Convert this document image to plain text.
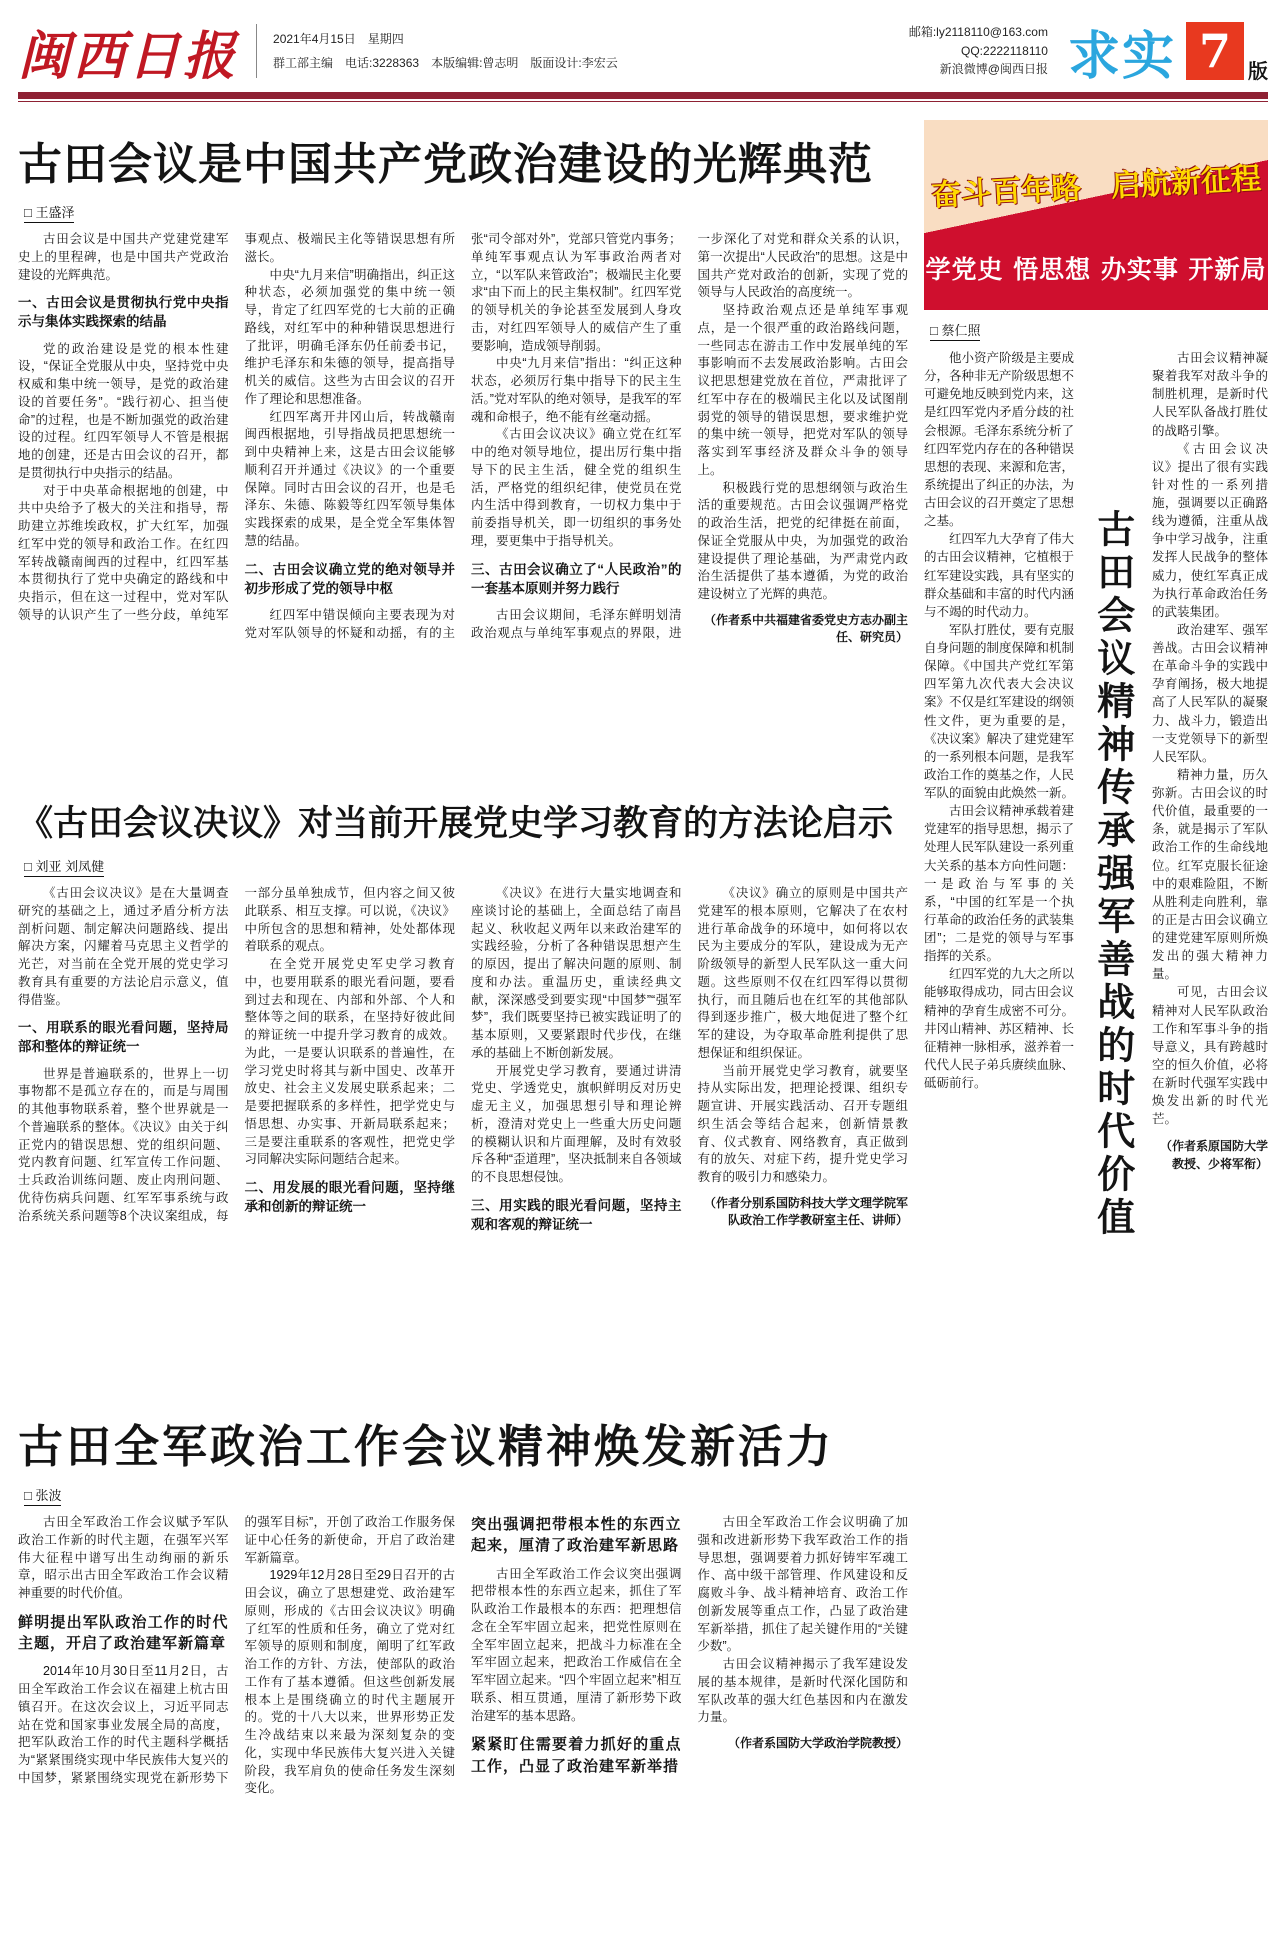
闽西日报	2021年4月15日　星期四
群工部主编　电话:3228363　本版编辑:曾志明　版面设计:李宏云
邮箱:ly2118110@163.com
QQ:2222118110
新浪微博@闽西日报 求实 7 版
古田会议是中国共产党政治建设的光辉典范
□ 王盛泽

古田会议是中国共产党建党建军史上的里程碑，也是中国共产党政治建设的光辉典范。

一、古田会议是贯彻执行党中央指示与集体实践探索的结晶

党的政治建设是党的根本性建设，“保证全党服从中央，坚持党中央权威和集中统一领导，是党的政治建设的首要任务”。“践行初心、担当使命”的过程，也是不断加强党的政治建设的过程。红四军领导人不管是根据地的创建，还是古田会议的召开，都是贯彻执行中央指示的结晶。

对于中央革命根据地的创建，中共中央给予了极大的关注和指导，帮助建立苏维埃政权，扩大红军，加强红军中党的领导和政治工作。在红四军转战赣南闽西的过程中，红四军基本贯彻执行了党中央确定的路线和中央指示，但在这一过程中，党对军队领导的认识产生了一些分歧，单纯军事观点、极端民主化等错误思想有所滋长。

中央“九月来信”明确指出，纠正这种状态，必须加强党的集中统一领导，肯定了红四军党的七大前的正确路线，对红军中的种种错误思想进行了批评，明确毛泽东仍任前委书记，维护毛泽东和朱德的领导，提高指导机关的威信。这些为古田会议的召开作了理论和思想准备。

红四军离开井冈山后，转战赣南闽西根据地，引导指战员把思想统一到中央精神上来，这是古田会议能够顺利召开并通过《决议》的一个重要保障。同时古田会议的召开，也是毛泽东、朱德、陈毅等红四军领导集体实践探索的成果，是全党全军集体智慧的结晶。

二、古田会议确立党的绝对领导并初步形成了党的领导中枢

红四军中错误倾向主要表现为对党对军队领导的怀疑和动摇，有的主张“司令部对外”，党部只管党内事务；单纯军事观点认为军事政治两者对立，“以军队来管政治”；极端民主化要求“由下而上的民主集权制”。红四军党的领导机关的争论甚至发展到人身攻击，对红四军领导人的威信产生了重要影响，造成领导削弱。

中央“九月来信”指出：“纠正这种状态，必须厉行集中指导下的民主生活。”党对军队的绝对领导，是我军的军魂和命根子，绝不能有丝毫动摇。

《古田会议决议》确立党在红军中的绝对领导地位，提出厉行集中指导下的民主生活，健全党的组织生活，严格党的组织纪律，使党员在党内生活中得到教育，一切权力集中于前委指导机关，即一切组织的事务处理，要更集中于指导机关。

三、古田会议确立了“人民政治”的一套基本原则并努力践行

古田会议期间，毛泽东鲜明划清政治观点与单纯军事观点的界限，进一步深化了对党和群众关系的认识，第一次提出“人民政治”的思想。这是中国共产党对政治的创新，实现了党的领导与人民政治的高度统一。

坚持政治观点还是单纯军事观点，是一个很严重的政治路线问题，一些同志在游击工作中发展单纯的军事影响而不去发展政治影响。古田会议把思想建党放在首位，严肃批评了红军中存在的极端民主化以及试图削弱党的领导的错误思想，要求维护党的集中统一领导，把党对军队的领导落实到军事经济及群众斗争的领导上。

积极践行党的思想纲领与政治生活的重要规范。古田会议强调严格党的政治生活，把党的纪律挺在前面，保证全党服从中央，为加强党的政治建设提供了理论基础，为严肃党内政治生活提供了基本遵循，为党的政治建设树立了光辉的典范。

（作者系中共福建省委党史方志办副主任、研究员）

《古田会议决议》对当前开展党史学习教育的方法论启示
□ 刘亚 刘凤健

《古田会议决议》是在大量调查研究的基础之上，通过矛盾分析方法剖析问题、制定解决问题路线、提出解决方案，闪耀着马克思主义哲学的光芒，对当前在全党开展的党史学习教育具有重要的方法论启示意义，值得借鉴。

一、用联系的眼光看问题，坚持局部和整体的辩证统一

世界是普遍联系的，世界上一切事物都不是孤立存在的，而是与周围的其他事物联系着，整个世界就是一个普遍联系的整体。《决议》由关于纠正党内的错误思想、党的组织问题、党内教育问题、红军宣传工作问题、士兵政治训练问题、废止肉刑问题、优待伤病兵问题、红军军事系统与政治系统关系问题等8个决议案组成，每一部分虽单独成节，但内容之间又彼此联系、相互支撑。可以说，《决议》中所包含的思想和精神，处处都体现着联系的观点。

在全党开展党史军史学习教育中，也要用联系的眼光看问题，要看到过去和现在、内部和外部、个人和整体等之间的联系，在坚持好彼此间的辩证统一中提升学习教育的成效。为此，一是要认识联系的普遍性，在学习党史时将其与新中国史、改革开放史、社会主义发展史联系起来；二是要把握联系的多样性，把学党史与悟思想、办实事、开新局联系起来；三是要注重联系的客观性，把党史学习同解决实际问题结合起来。

二、用发展的眼光看问题，坚持继承和创新的辩证统一

《决议》在进行大量实地调查和座谈讨论的基础上，全面总结了南昌起义、秋收起义两年以来政治建军的实践经验，分析了各种错误思想产生的原因，提出了解决问题的原则、制度和办法。重温历史，重读经典文献，深深感受到要实现“中国梦”“强军梦”，我们既要坚持已被实践证明了的基本原则，又要紧跟时代步伐，在继承的基础上不断创新发展。

开展党史学习教育，要通过讲清党史、学透党史，旗帜鲜明反对历史虚无主义，加强思想引导和理论辨析，澄清对党史上一些重大历史问题的模糊认识和片面理解，及时有效驳斥各种“歪道理”，坚决抵制来自各领域的不良思想侵蚀。

三、用实践的眼光看问题，坚持主观和客观的辩证统一

《决议》确立的原则是中国共产党建军的根本原则，它解决了在农村进行革命战争的环境中，如何将以农民为主要成分的军队，建设成为无产阶级领导的新型人民军队这一重大问题。这些原则不仅在红四军得以贯彻执行，而且随后也在红军的其他部队得到逐步推广，极大地促进了整个红军的建设，为夺取革命胜利提供了思想保证和组织保证。

当前开展党史学习教育，就要坚持从实际出发，把理论授课、组织专题宣讲、开展实践活动、召开专题组织生活会等结合起来，创新情景教育、仪式教育、网络教育，真正做到有的放矢、对症下药，提升党史学习教育的吸引力和感染力。

（作者分别系国防科技大学文理学院军队政治工作学教研室主任、讲师）

古田全军政治工作会议精神焕发新活力
□ 张波

古田全军政治工作会议赋予军队政治工作新的时代主题，在强军兴军伟大征程中谱写出生动绚丽的新乐章，昭示出古田全军政治工作会议精神重要的时代价值。

鲜明提出军队政治工作的时代主题，开启了政治建军新篇章

2014年10月30日至11月2日，古田全军政治工作会议在福建上杭古田镇召开。在这次会议上，习近平同志站在党和国家事业发展全局的高度，把军队政治工作的时代主题科学概括为“紧紧围绕实现中华民族伟大复兴的中国梦，紧紧围绕实现党在新形势下的强军目标”，开创了政治工作服务保证中心任务的新使命，开启了政治建军新篇章。

1929年12月28日至29日召开的古田会议，确立了思想建党、政治建军原则，形成的《古田会议决议》明确了红军的性质和任务，确立了党对红军领导的原则和制度，阐明了红军政治工作的方针、方法，使部队的政治工作有了基本遵循。但这些创新发展根本上是围绕确立的时代主题展开的。党的十八大以来，世界形势正发生冷战结束以来最为深刻复杂的变化，实现中华民族伟大复兴进入关键阶段，我军肩负的使命任务发生深刻变化。

突出强调把带根本性的东西立起来，厘清了政治建军新思路

古田全军政治工作会议突出强调把带根本性的东西立起来，抓住了军队政治工作最根本的东西：把理想信念在全军牢固立起来，把党性原则在全军牢固立起来，把战斗力标准在全军牢固立起来，把政治工作威信在全军牢固立起来。“四个牢固立起来”相互联系、相互贯通，厘清了新形势下政治建军的基本思路。

紧紧盯住需要着力抓好的重点工作，凸显了政治建军新举措

古田全军政治工作会议明确了加强和改进新形势下我军政治工作的指导思想，强调要着力抓好铸牢军魂工作、高中级干部管理、作风建设和反腐败斗争、战斗精神培育、政治工作创新发展等重点工作，凸显了政治建军新举措，抓住了起关键作用的“关键少数”。

古田会议精神揭示了我军建设发展的基本规律，是新时代深化国防和军队改革的强大红色基因和内在激发力量。

（作者系国防大学政治学院教授）

奋斗百年路　启航新征程
学党史 悟思想 办实事 开新局
□ 蔡仁照

他小资产阶级是主要成分，各种非无产阶级思想不可避免地反映到党内来，这是红四军党内矛盾分歧的社会根源。毛泽东系统分析了红四军党内存在的各种错误思想的表现、来源和危害，系统提出了纠正的办法，为古田会议的召开奠定了思想之基。

红四军九大孕育了伟大的古田会议精神，它植根于红军建设实践，具有坚实的群众基础和丰富的时代内涵与不竭的时代动力。

军队打胜仗，要有克服自身问题的制度保障和机制保障。《中国共产党红军第四军第九次代表大会决议案》不仅是红军建设的纲领性文件，更为重要的是，《决议案》解决了建党建军的一系列根本问题，是我军政治工作的奠基之作，人民军队的面貌由此焕然一新。

古田会议精神承载着建党建军的指导思想，揭示了处理人民军队建设一系列重大关系的基本方向性问题：一是政治与军事的关系，“中国的红军是一个执行革命的政治任务的武装集团”；二是党的领导与军事指挥的关系。

红四军党的九大之所以能够取得成功，同古田会议精神的孕育生成密不可分。井冈山精神、苏区精神、长征精神一脉相承，滋养着一代代人民子弟兵赓续血脉、砥砺前行。	古田会议精神传承强军善战的时代价值

古田会议精神凝聚着我军对敌斗争的制胜机理，是新时代人民军队备战打胜仗的战略引擎。

《古田会议决议》提出了很有实践针对性的一系列措施，强调要以正确路线为遵循，注重从战争中学习战争，注重发挥人民战争的整体威力，使红军真正成为执行革命政治任务的武装集团。

政治建军、强军善战。古田会议精神在革命斗争的实践中孕育阐扬，极大地提高了人民军队的凝聚力、战斗力，锻造出一支党领导下的新型人民军队。

精神力量，历久弥新。古田会议的时代价值，最重要的一条，就是揭示了军队政治工作的生命线地位。红军克服长征途中的艰难险阻，不断从胜利走向胜利，靠的正是古田会议确立的建党建军原则所焕发出的强大精神力量。

可见，古田会议精神对人民军队政治工作和军事斗争的指导意义，具有跨越时空的恒久价值，必将在新时代强军实践中焕发出新的时代光芒。

（作者系原国防大学教授、少将军衔）
